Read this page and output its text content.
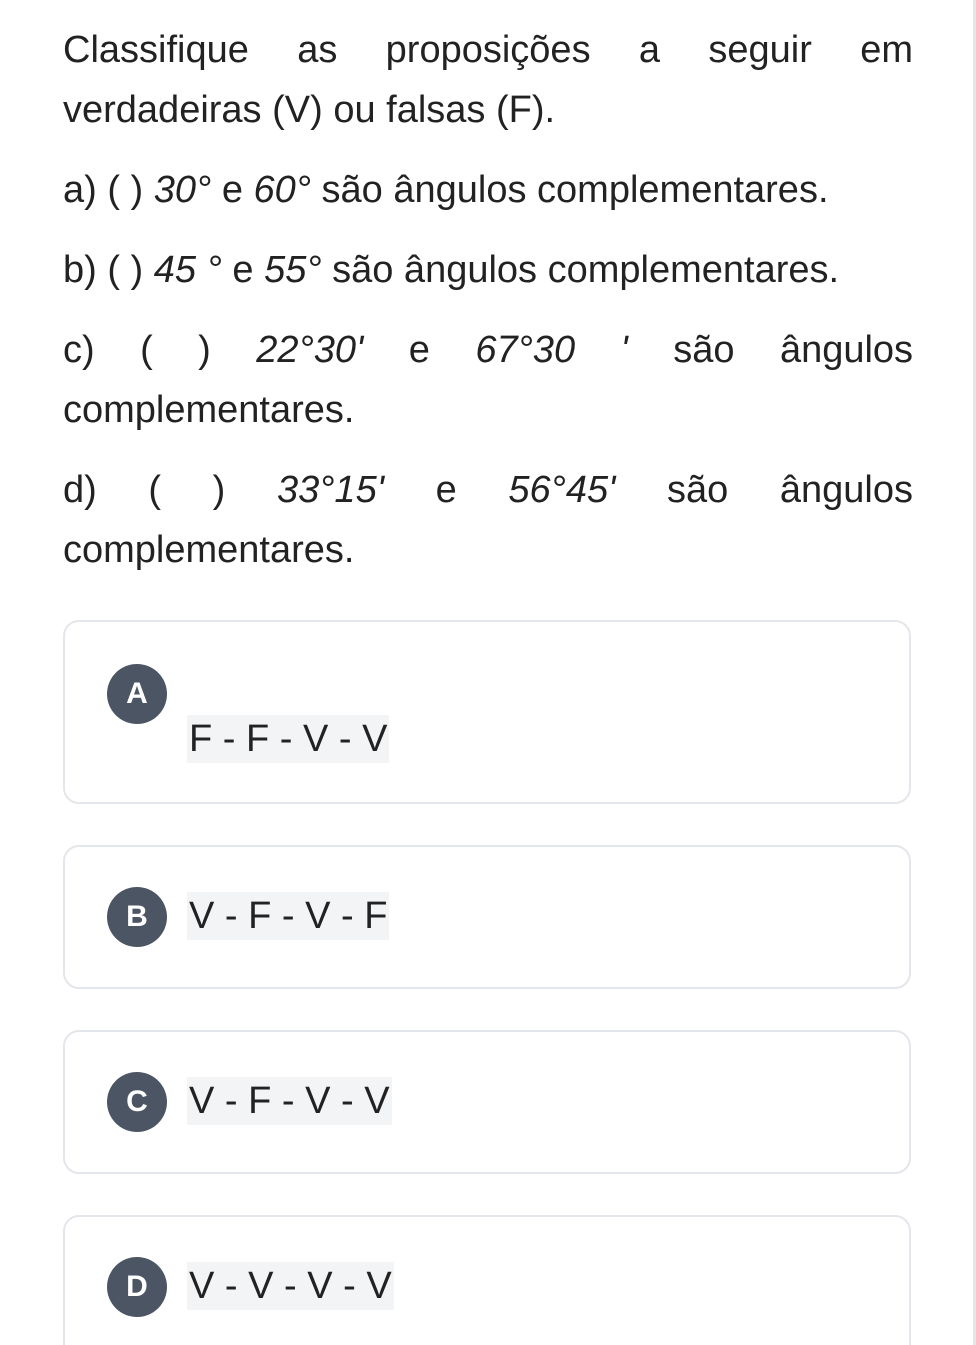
Classifique as proposições a seguir em
verdadeiras (V) ou falsas (F).
a) ( ) 30° e 60° são ângulos complementares.
b) ( ) 45 ° e 55° são ângulos complementares.
c) ( ) 22°30' e 67°30 ' são ângulos
complementares.
d) ( ) 33°15' e 56°45' são ângulos
complementares.
A
F - F - V - V
B	V - F - V - F
C	V - F - V - V
D	V - V - V - V
